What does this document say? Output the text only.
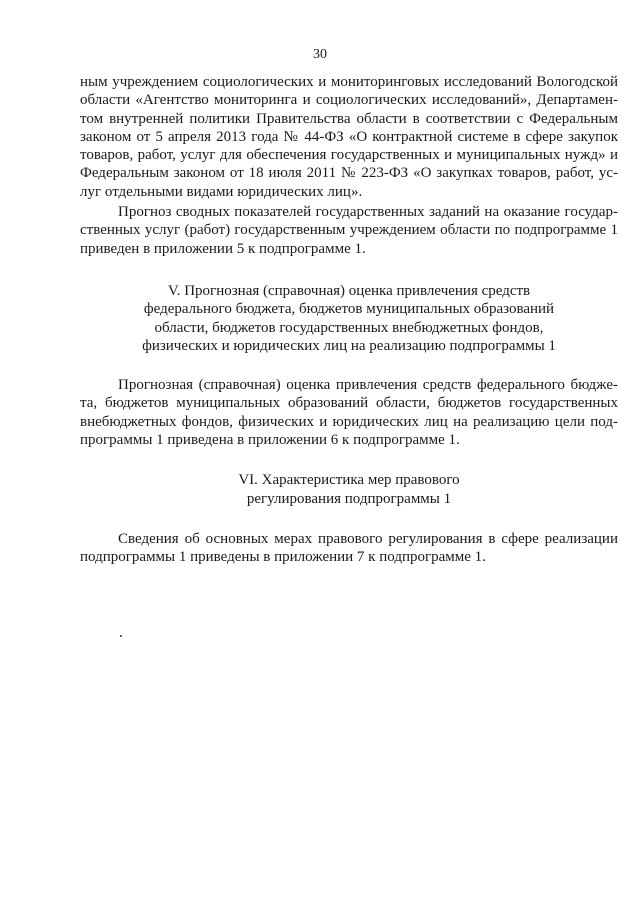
30
ным учреждением социологических и мониторинговых исследований Вологодской
области «Агентство мониторинга и социологических исследований», Департамен-
том внутренней политики Правительства области в соответствии с Федеральным
законом от 5 апреля 2013 года № 44-ФЗ «О контрактной системе в сфере закупок
товаров, работ, услуг для обеспечения государственных и муниципальных нужд» и
Федеральным законом от 18 июля 2011 № 223-ФЗ «О закупках товаров, работ, ус-
луг отдельными видами юридических лиц».
Прогноз сводных показателей государственных заданий на оказание государ-
ственных услуг (работ) государственным учреждением области по подпрограмме 1
приведен в приложении 5 к подпрограмме 1.
V. Прогнозная (справочная) оценка привлечения средств
федерального бюджета, бюджетов муниципальных образований
области, бюджетов государственных внебюджетных фондов,
физических и юридических лиц на реализацию подпрограммы 1
Прогнозная (справочная) оценка привлечения средств федерального бюдже-
та, бюджетов муниципальных образований области, бюджетов государственных
внебюджетных фондов, физических и юридических лиц на реализацию цели под-
программы 1 приведена в приложении 6 к подпрограмме 1.
VI. Характеристика мер правового
регулирования подпрограммы 1
Сведения об основных мерах правового регулирования в сфере реализации
подпрограммы 1 приведены в приложении 7 к подпрограмме 1.
